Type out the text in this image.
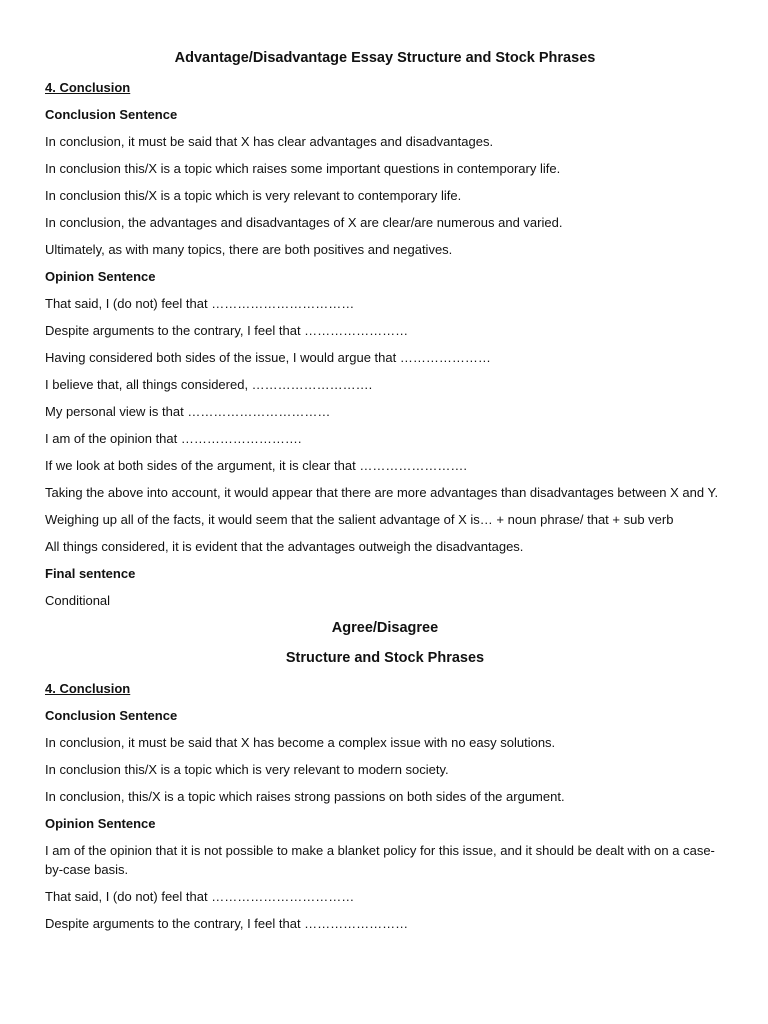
Advantage/Disadvantage Essay Structure and Stock Phrases
4. Conclusion
Conclusion Sentence
In conclusion, it must be said that X has clear advantages and disadvantages.
In conclusion this/X is a topic which raises some important questions in contemporary life.
In conclusion this/X is a topic which is very relevant to contemporary life.
In conclusion, the advantages and disadvantages of X are clear/are numerous and varied.
Ultimately, as with many topics, there are both positives and negatives.
Opinion Sentence
That said, I (do not) feel that ……………………………
Despite arguments to the contrary, I feel that ……………………
Having considered both sides of the issue, I would argue that …………………
I believe that, all things considered, ……………………….
My personal view is that ……………………………
I am of the opinion that ……………………….
If we look at both sides of the argument, it is clear that …………………….
Taking the above into account, it would appear that there are more advantages than disadvantages between X and Y.
Weighing up all of the facts, it would seem that the salient advantage of X is… + noun phrase/ that + sub verb
All things considered, it is evident that the advantages outweigh the disadvantages.
Final sentence
Conditional
Agree/Disagree
Structure and Stock Phrases
4. Conclusion
Conclusion Sentence
In conclusion, it must be said that X has become a complex issue with no easy solutions.
In conclusion this/X is a topic which is very relevant to modern society.
In conclusion, this/X is a topic which raises strong passions on both sides of the argument.
Opinion Sentence
I am of the opinion that it is not possible to make a blanket policy for this issue, and it should be dealt with on a case-by-case basis.
That said, I (do not) feel that ……………………………
Despite arguments to the contrary, I feel that ……………………
